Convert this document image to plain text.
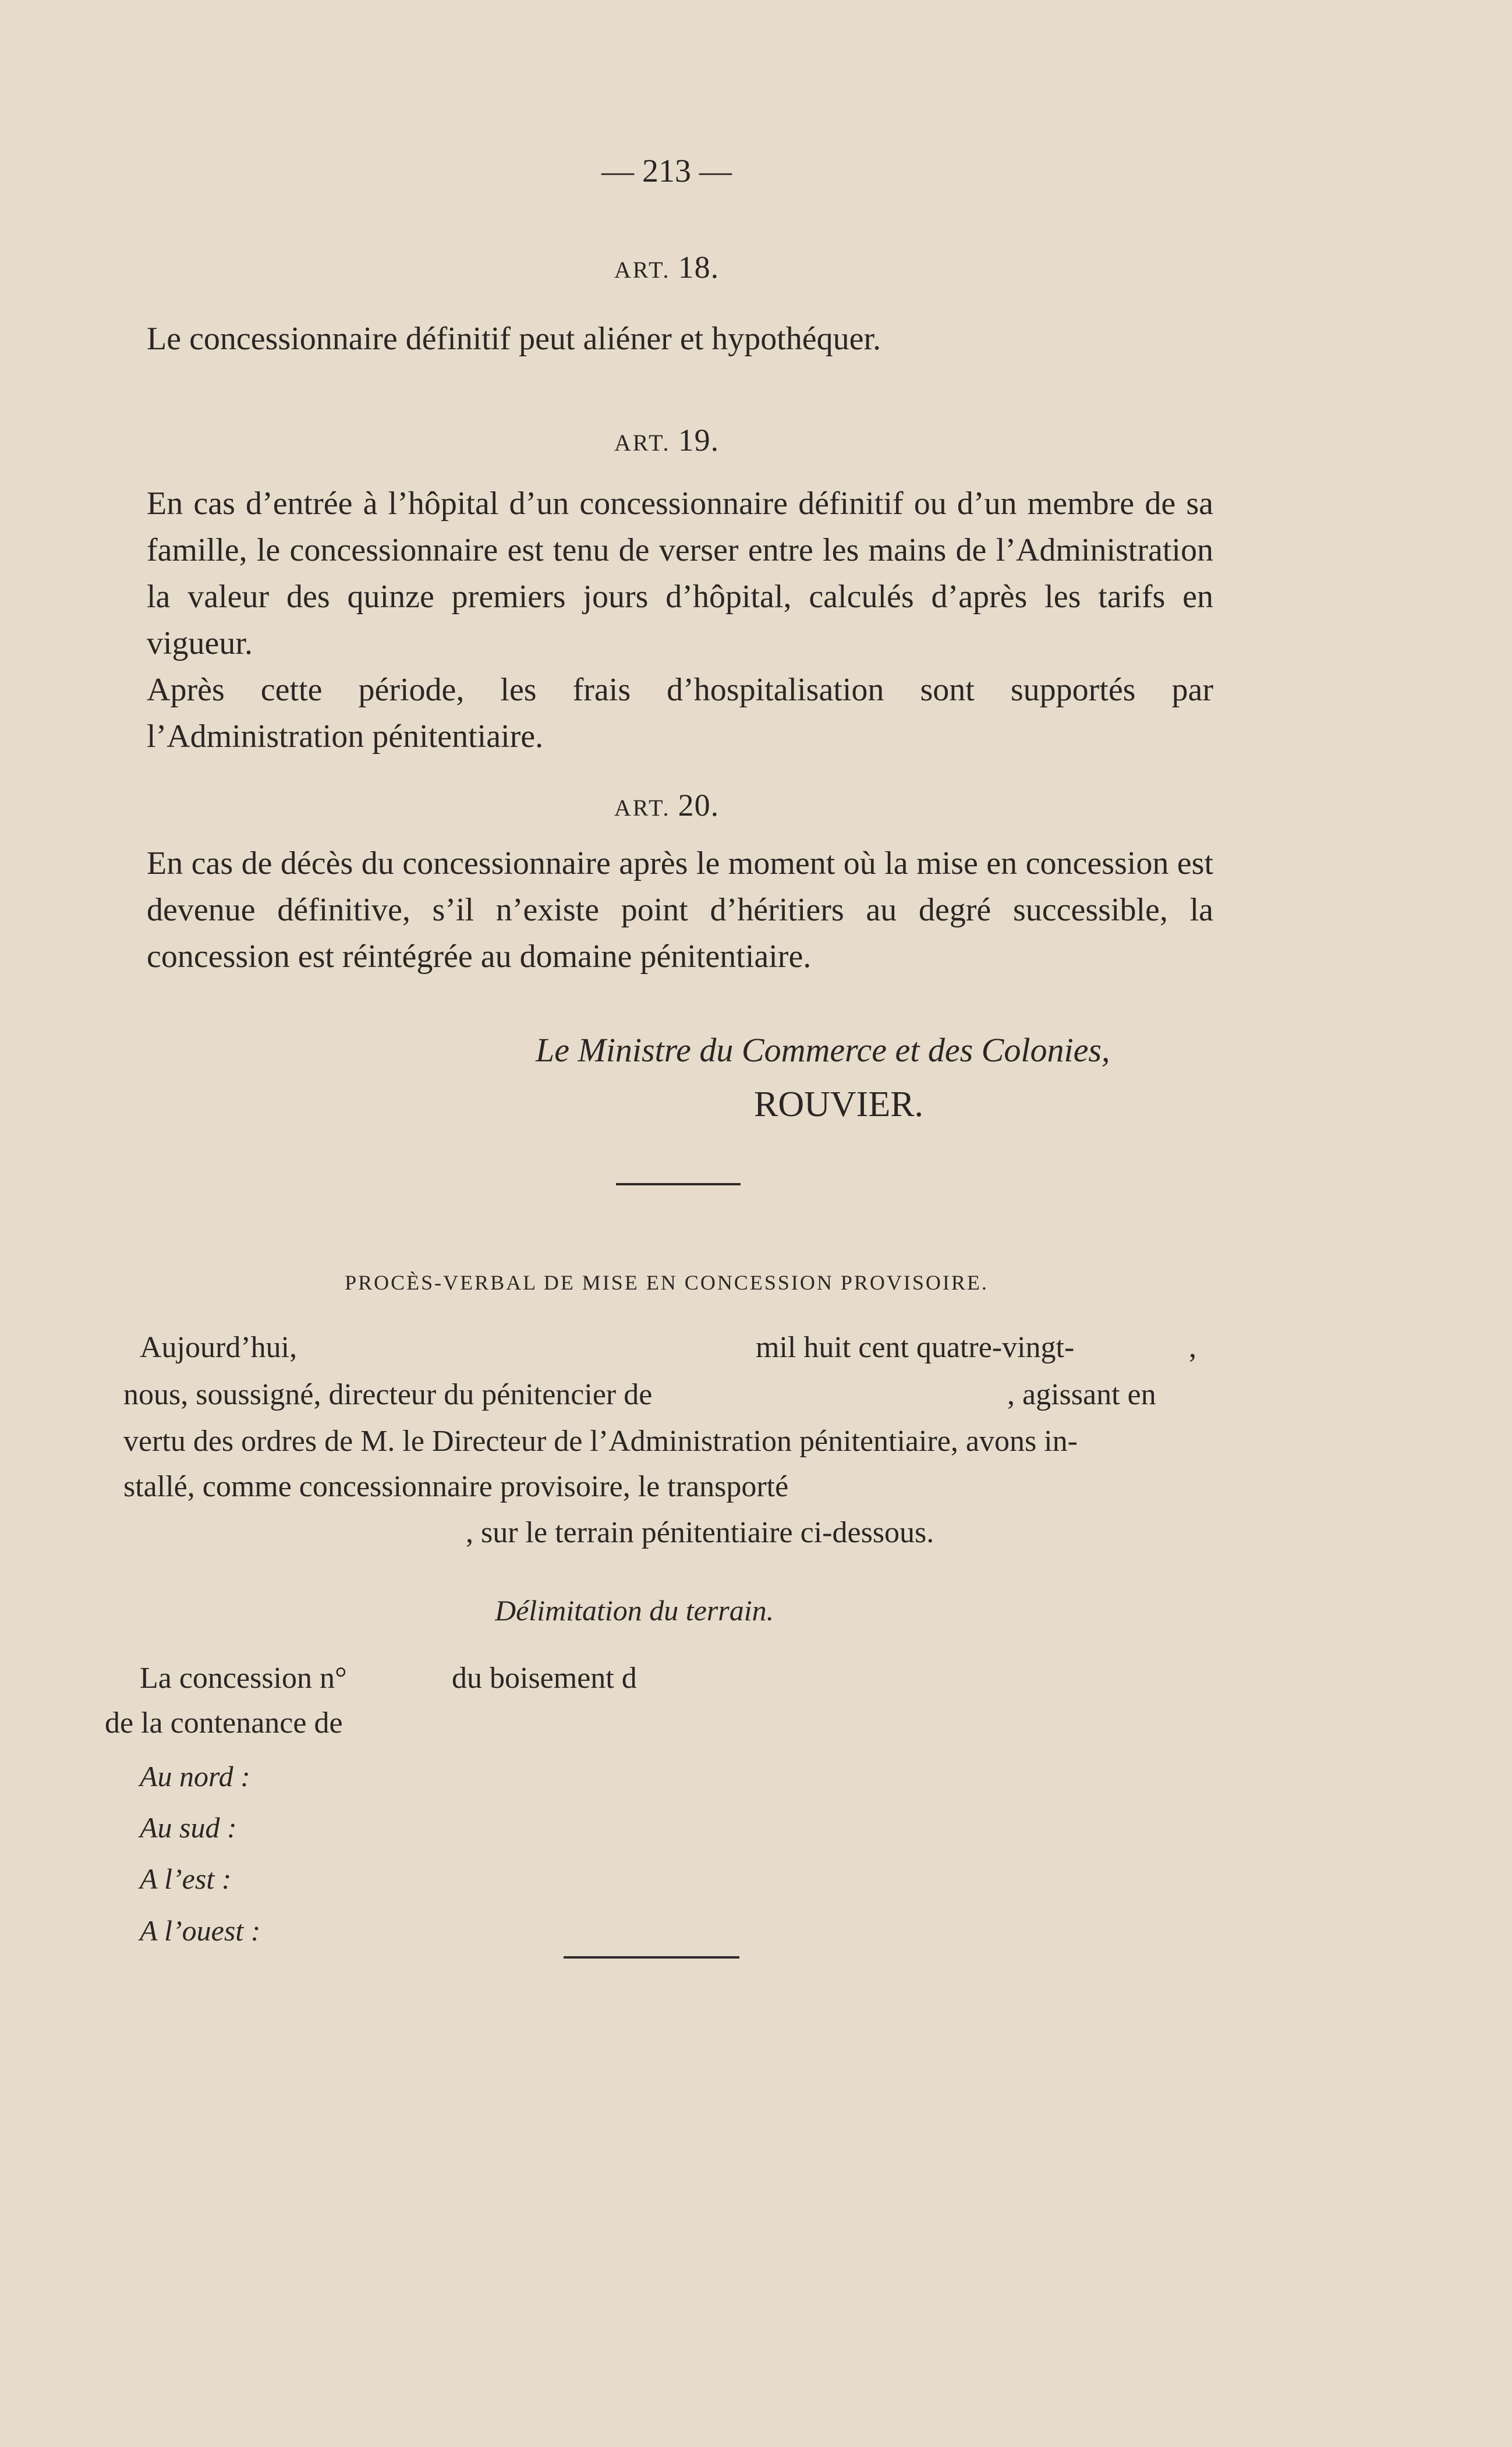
— 213 —
ART. 18.
Le concessionnaire définitif peut aliéner et hypothéquer.
ART. 19.
En cas d’entrée à l’hôpital d’un concessionnaire définitif ou d’un membre de sa famille, le concessionnaire est tenu de verser entre les mains de l’Administration la valeur des quinze premiers jours d’hôpital, calculés d’après les tarifs en vigueur.
Après cette période, les frais d’hospitalisation sont supportés par l’Administration pénitentiaire.
ART. 20.
En cas de décès du concessionnaire après le moment où la mise en concession est devenue définitive, s’il n’existe point d’héritiers au degré successible, la concession est réintégrée au domaine pénitentiaire.
Le Ministre du Commerce et des Colonies,
ROUVIER.
PROCÈS-VERBAL DE MISE EN CONCESSION PROVISOIRE.
Aujourd’hui,	mil huit cent quatre-vingt-	,
nous, soussigné, directeur du pénitencier de	, agissant en
vertu des ordres de M. le Directeur de l’Administration pénitentiaire, avons in-
stallé, comme concessionnaire provisoire, le transporté
, sur le terrain pénitentiaire ci-dessous.
Délimitation du terrain.
La concession n°	du boisement d
de la contenance de
Au nord :
Au sud :
A l’est :
A l’ouest :
